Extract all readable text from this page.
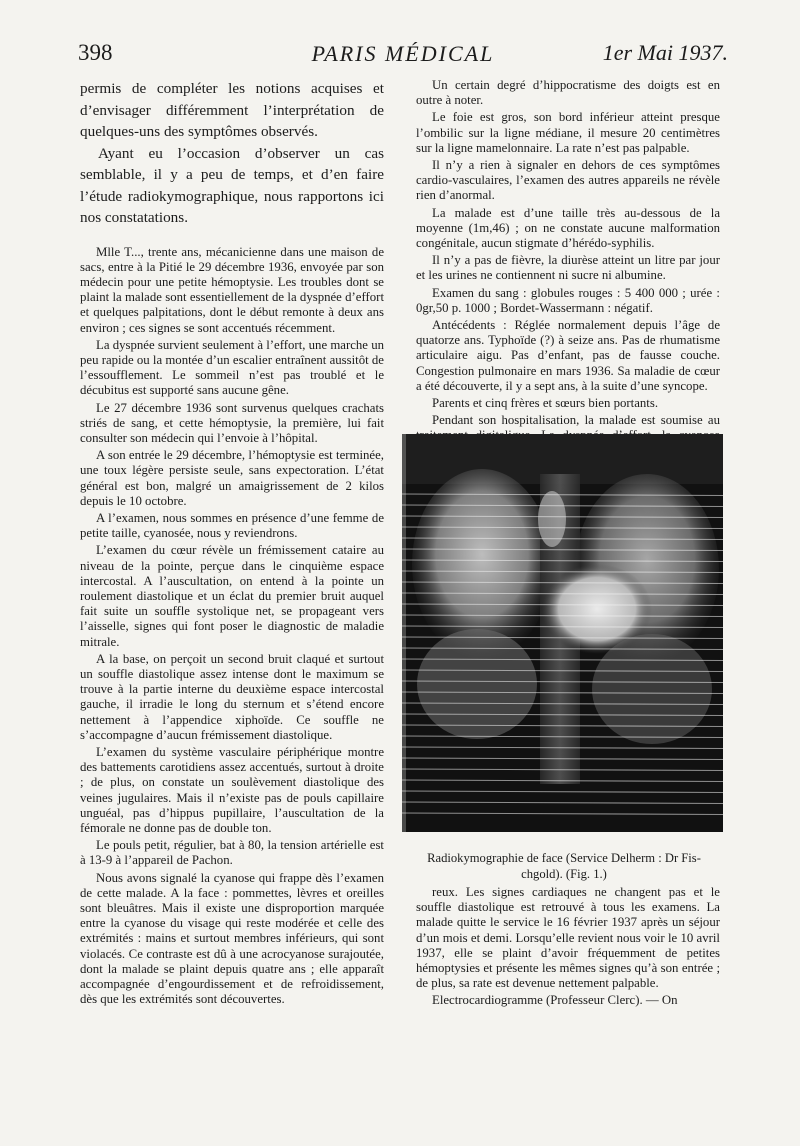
398	PARIS MÉDICAL	1er Mai 1937.

permis de compléter les notions acquises et d’envisager différemment l’interprétation de quelques-uns des symptômes observés.

Ayant eu l’occasion d’observer un cas semblable, il y a peu de temps, et d’en faire l’étude radiokymographique, nous rapportons ici nos constatations.

Mlle T..., trente ans, mécanicienne dans une maison de sacs, entre à la Pitié le 29 décembre 1936, envoyée par son médecin pour une petite hémoptysie. Les troubles dont se plaint la malade sont essentiellement de la dyspnée d’effort et quelques palpitations, dont le début remonte à deux ans environ ; ces signes se sont accentués récemment.

La dyspnée survient seulement à l’effort, une marche un peu rapide ou la montée d’un escalier entraînent aussitôt de l’essoufflement. Le sommeil n’est pas troublé et le décubitus est supporté sans aucune gêne.

Le 27 décembre 1936 sont survenus quelques crachats striés de sang, et cette hémoptysie, la première, lui fait consulter son médecin qui l’envoie à l’hôpital.

A son entrée le 29 décembre, l’hémoptysie est terminée, une toux légère persiste seule, sans expectoration. L’état général est bon, malgré un amaigrissement de 2 kilos depuis le 10 octobre.

A l’examen, nous sommes en présence d’une femme de petite taille, cyanosée, nous y reviendrons.

L’examen du cœur révèle un frémissement cataire au niveau de la pointe, perçue dans le cinquième espace intercostal. A l’auscultation, on entend à la pointe un roulement diastolique et un éclat du premier bruit auquel fait suite un souffle systolique net, se propageant vers l’aisselle, signes qui font poser le diagnostic de maladie mitrale.

A la base, on perçoit un second bruit claqué et surtout un souffle diastolique assez intense dont le maximum se trouve à la partie interne du deuxième espace intercostal gauche, il irradie le long du sternum et s’étend encore nettement à l’appendice xiphoïde. Ce souffle ne s’accompagne d’aucun frémissement diastolique.

L’examen du système vasculaire périphérique montre des battements carotidiens assez accentués, surtout à droite ; de plus, on constate un soulèvement diastolique des veines jugulaires. Mais il n’existe pas de pouls capillaire unguéal, pas d’hippus pupillaire, l’auscultation de la fémorale ne donne pas de double ton.

Le pouls petit, régulier, bat à 80, la tension artérielle est à 13-9 à l’appareil de Pachon.

Nous avons signalé la cyanose qui frappe dès l’examen de cette malade. A la face : pommettes, lèvres et oreilles sont bleuâtres. Mais il existe une disproportion marquée entre la cyanose du visage qui reste modérée et celle des extrémités : mains et surtout membres inférieurs, qui sont violacés. Ce contraste est dû à une acrocyanose surajoutée, dont la malade se plaint depuis quatre ans ; elle apparaît accompagnée d’engourdissement et de refroidissement, dès que les extrémités sont découvertes.

Un certain degré d’hippocratisme des doigts est en outre à noter.

Le foie est gros, son bord inférieur atteint presque l’ombilic sur la ligne médiane, il mesure 20 centimètres sur la ligne mamelonnaire. La rate n’est pas palpable.

Il n’y a rien à signaler en dehors de ces symptômes cardio-vasculaires, l’examen des autres appareils ne révèle rien d’anormal.

La malade est d’une taille très au-dessous de la moyenne (1m,46) ; on ne constate aucune malformation congénitale, aucun stigmate d’hérédo-syphilis.

Il n’y a pas de fièvre, la diurèse atteint un litre par jour et les urines ne contiennent ni sucre ni albumine.

Examen du sang : globules rouges : 5 400 000 ; urée : 0gr,50 p. 1000 ; Bordet-Wassermann : négatif.

Antécédents : Réglée normalement depuis l’âge de quatorze ans. Typhoïde (?) à seize ans. Pas de rhumatisme articulaire aigu. Pas d’enfant, pas de fausse couche. Congestion pulmonaire en mars 1936. Sa maladie de cœur a été découverte, il y a sept ans, à la suite d’une syncope.

Parents et cinq frères et sœurs bien portants.

Pendant son hospitalisation, la malade est soumise au

Radiokymographie de face (Service Delherm : Dr Fis-
chgold). (Fig. 1.)

reux. Les signes cardiaques ne changent pas et le souffle diastolique est retrouvé à tous les examens. La malade quitte le service le 16 février 1937 après un séjour d’un mois et demi. Lorsqu’elle revient nous voir le 10 avril 1937, elle se plaint d’avoir fréquemment de petites hémoptysies et présente les mêmes signes qu’à son entrée ; de plus, sa rate est devenue nettement palpable.

Electrocardiogramme (Professeur Clerc). — On
